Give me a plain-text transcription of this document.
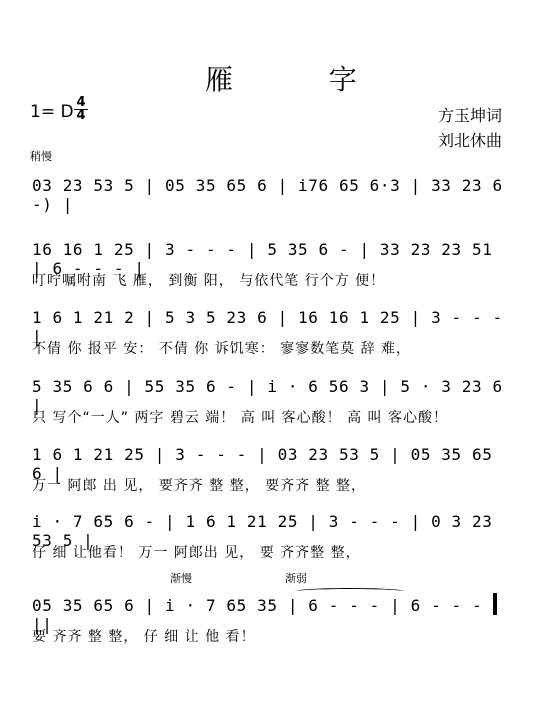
雁  字
1= D 4
4	方玉坤词
刘北休曲
稍慢
03 23 53 5 | 05 35 65 6 | i76 65 6·3 | 33 23 6 -) |
16 16 1 25 | 3 - - - | 5 35 6 - | 33 23 23 51 | 6 - - - |
叮咛嘱咐南 飞 雁， 到衡 阳， 与依代笔 行个方 便！
1 6 1 21 2 | 5 3 5 23 6 | 16 16 1 25 | 3 - - - |
不倩 你 报平 安： 不倩 你 诉饥寒： 寥寥数笔莫 辞 难，
5 35 6 6 | 55 35 6 - | i · 6 56 3 | 5 · 3 23 6 |
只 写个“一人” 两字 碧云 端！ 高 叫 客心酸！ 高 叫 客心酸！
1 6 1 21 25 | 3 - - - | 03 23 53 5 | 05 35 65 6 |
万一 阿郎 出 见， 要齐齐 整 整， 要齐齐 整 整，
i · 7 65 6 - | 1 6 1 21 25 | 3 - - - | 0 3 23 53 5 |
仔 细 让他看！ 万一 阿郎出 见， 要 齐齐整 整，
渐慢	渐弱
05 35 65 6 | i · 7 65 35 | 6 - - - | 6 - - - ||
要 齐齐 整 整， 仔 细 让 他 看！
